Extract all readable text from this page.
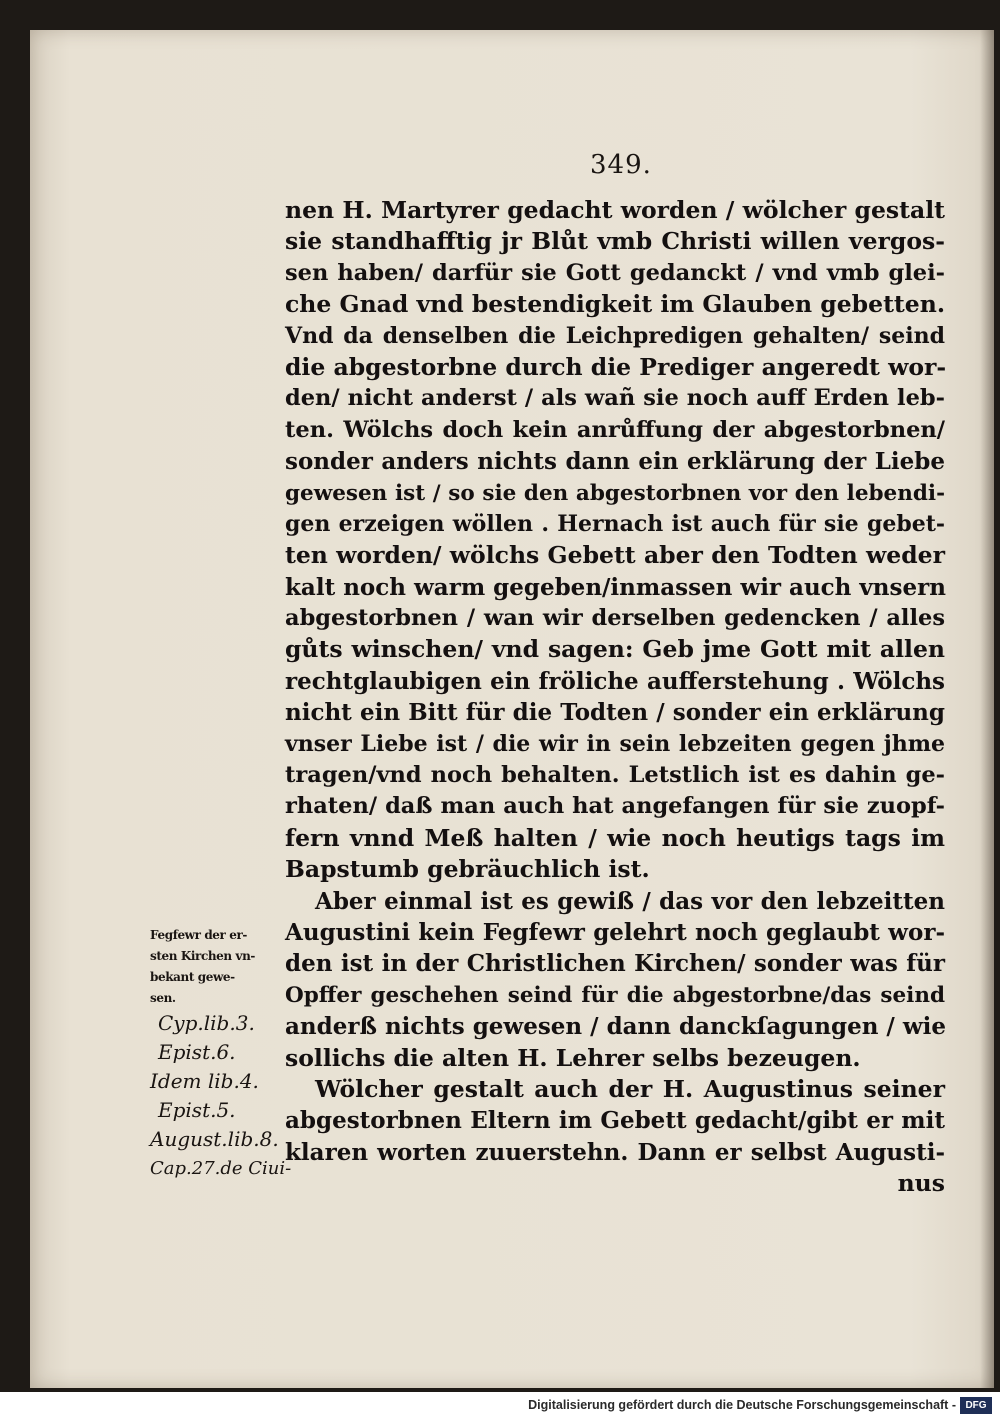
349.
nen H. Martyrer gedacht worden / wölcher gestalt
sie standhafftig jr Blůt vmb Christi willen vergos-
sen haben/ darfür sie Gott gedanckt / vnd vmb glei-
che Gnad vnd bestendigkeit im Glauben gebetten.
Vnd da denselben die Leichpredigen gehalten/ seind
die abgestorbne durch die Prediger angeredt wor-
den/ nicht anderst / als wañ sie noch auff Erden leb-
ten. Wölchs doch kein anrůffung der abgestorbnen/
sonder anders nichts dann ein erklärung der Liebe
gewesen ist / so sie den abgestorbnen vor den lebendi-
gen erzeigen wöllen . Hernach ist auch für sie gebet-
ten worden/ wölchs Gebett aber den Todten weder
kalt noch warm gegeben/inmassen wir auch vnsern
abgestorbnen / wan wir derselben gedencken / alles
gůts winschen/ vnd sagen: Geb jme Gott mit allen
rechtglaubigen ein fröliche aufferstehung . Wölchs
nicht ein Bitt für die Todten / sonder ein erklärung
vnser Liebe ist / die wir in sein lebzeiten gegen jhme
tragen/vnd noch behalten. Letstlich ist es dahin ge-
rhaten/ daß man auch hat angefangen für sie zuopf-
fern vnnd Meß halten / wie noch heutigs tags im
Bapstumb gebräuchlich ist.
Aber einmal ist es gewiß / das vor den lebzeitten
Augustini kein Fegfewr gelehrt noch geglaubt wor-
den ist in der Christlichen Kirchen/ sonder was für
Opffer geschehen seind für die abgestorbne/das seind
anderß nichts gewesen / dann danckſagungen / wie
sollichs die alten H. Lehrer selbs bezeugen.
Wölcher gestalt auch der H. Augustinus seiner
abgestorbnen Eltern im Gebett gedacht/gibt er mit
klaren worten zuuerstehn. Dann er selbst Augusti-
nus
Fegfewr der er-
sten Kirchen vn-
bekant gewe-
sen.
Cyp.lib.3.
Epist.6.
Idem lib.4.
Epist.5.
August.lib.8.
Cap.27.de Ciui-
Digitalisierung gefördert durch die Deutsche Forschungsgemeinschaft - DFG
